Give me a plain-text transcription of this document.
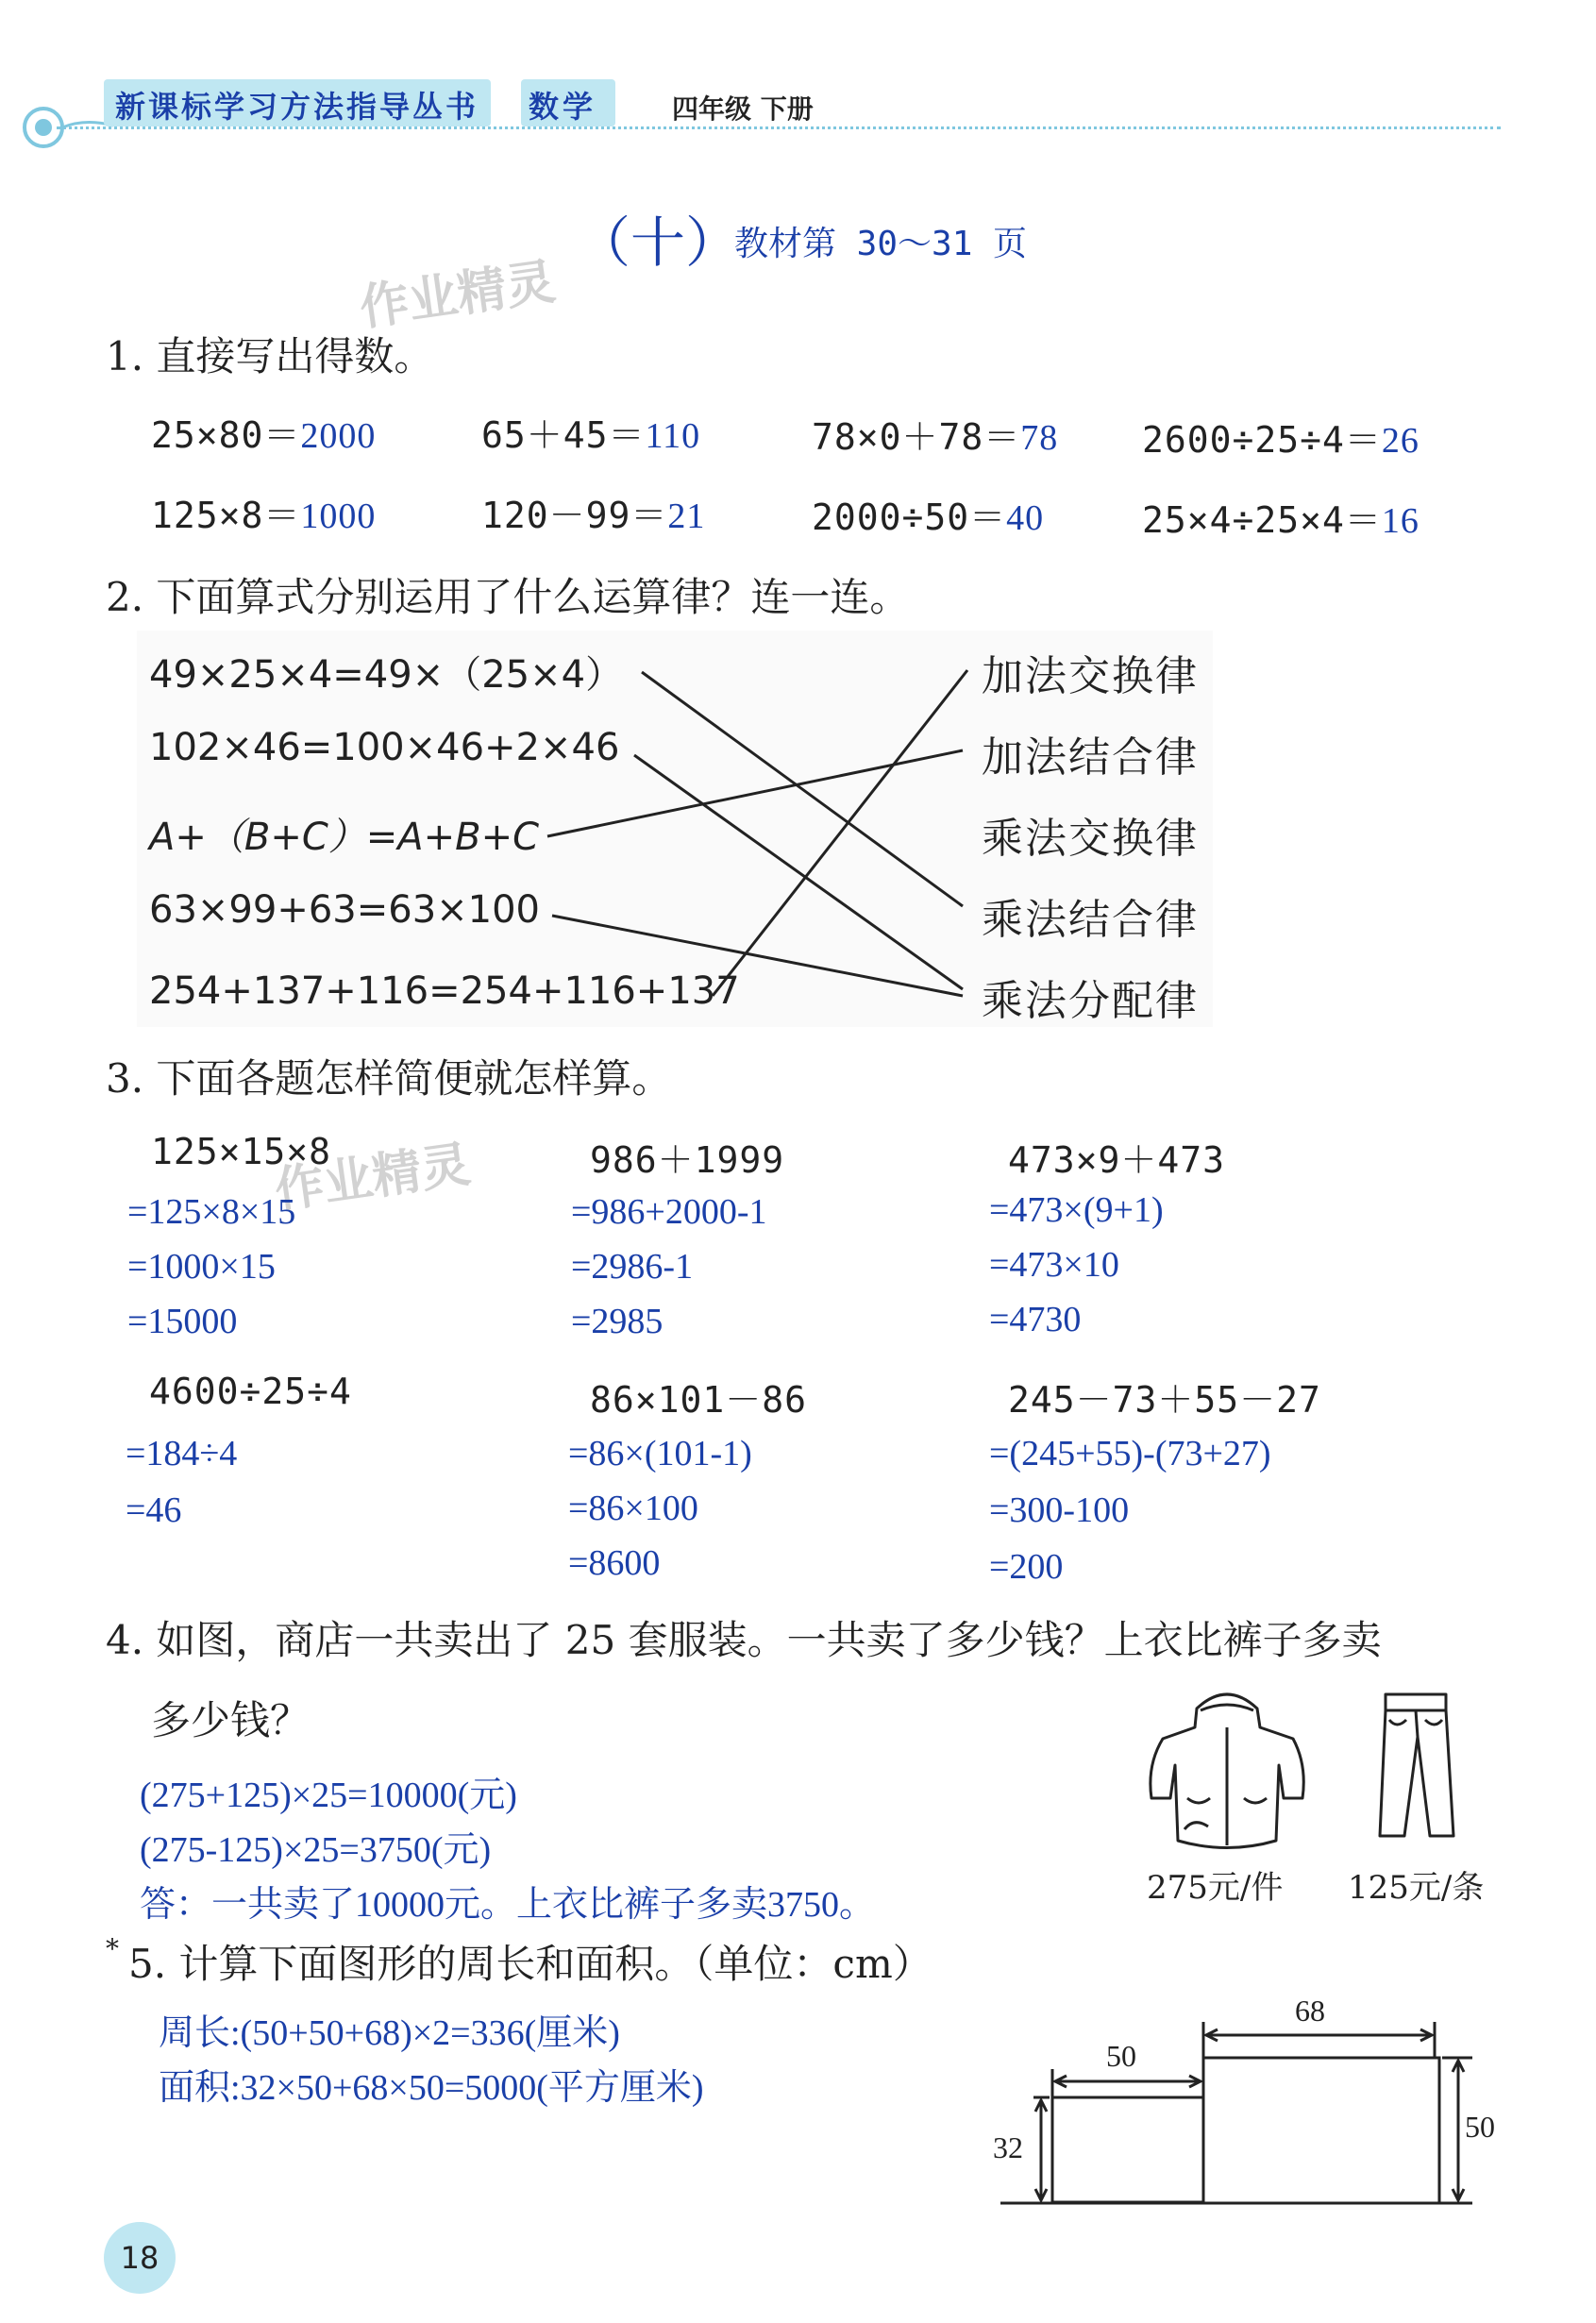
新课标学习方法指导丛书 数学	四年级 下册
（十）
教材第 30～31 页
作业精灵
作业精灵
1. 直接写出得数。
25×80＝2000	65＋45＝110	78×0＋78＝78 2600÷25÷4＝26
125×8＝1000	120－99＝21	2000÷50＝40	25×4÷25×4＝16
2. 下面算式分别运用了什么运算律？连一连。
49×25×4=49×（25×4）
102×46=100×46+2×46
A+（B+C）=A+B+C
63×99+63=63×100
254+137+116=254+116+137
加法交换律
加法结合律
乘法交换律
乘法结合律
乘法分配律
3. 下面各题怎样简便就怎样算。
125×15×8
=125×8×15
=1000×15
=15000
986＋1999
=986+2000-1
=2986-1
=2985
473×9＋473
=473×(9+1)
=473×10
=4730
4600÷25÷4
=184÷4
=46
86×101－86
=86×(101-1)
=86×100
=8600
245－73＋55－27
=(245+55)-(73+27)
=300-100
=200
4. 如图，商店一共卖出了 25 套服装。一共卖了多少钱？上衣比裤子多卖
多少钱？
(275+125)×25=10000(元)
(275-125)×25=3750(元)
答：一共卖了10000元。上衣比裤子多卖3750。	275元/件 125元/条
* 5. 计算下面图形的周长和面积。（单位：cm）
周长:(50+50+68)×2=336(厘米)
面积:32×50+68×50=5000(平方厘米)
68
50
32
50
18
